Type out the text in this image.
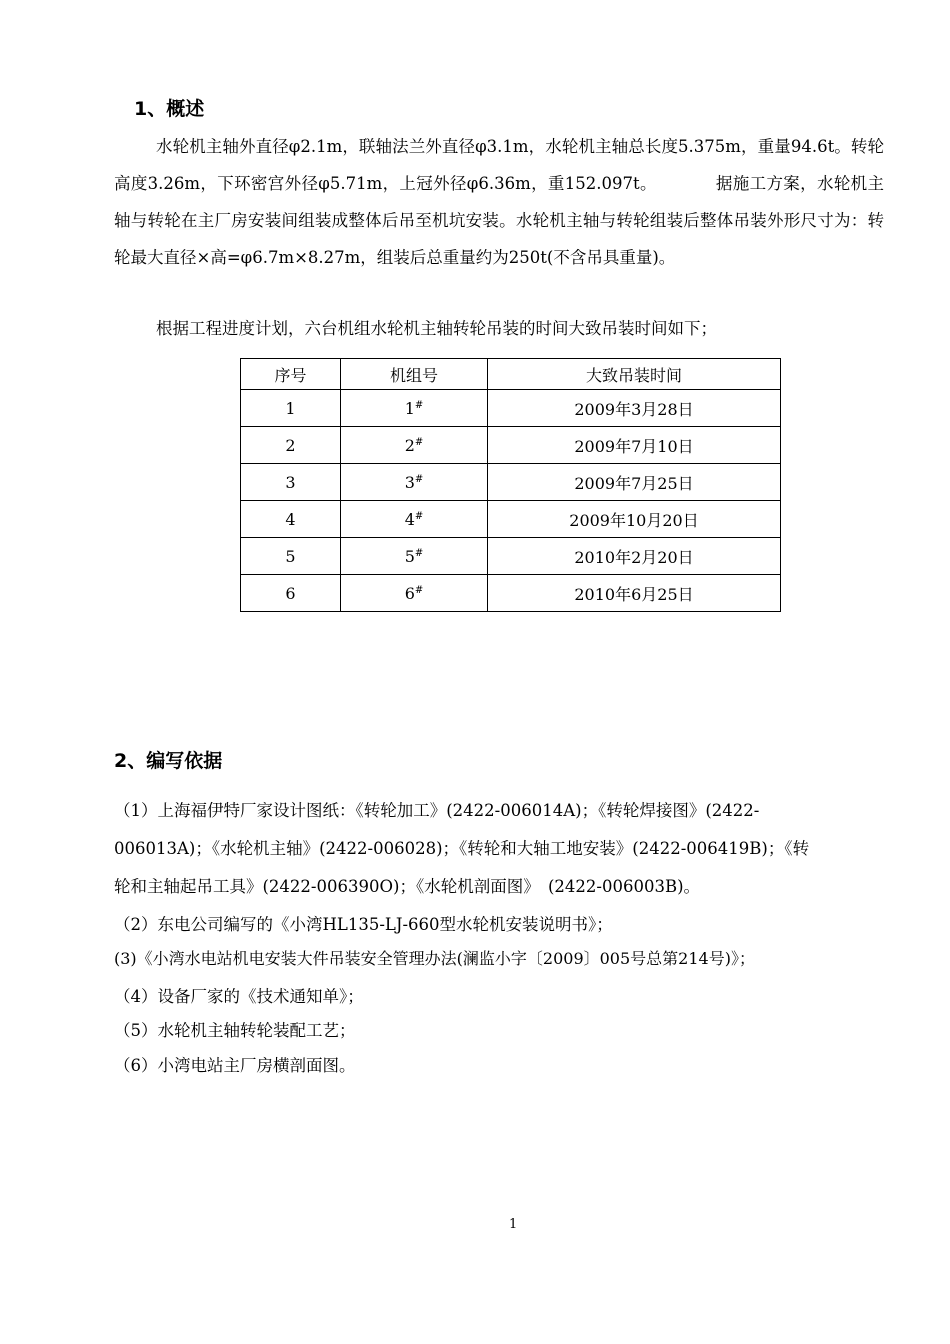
1、概述
水轮机主轴外直径φ2.1m，联轴法兰外直径φ3.1m，水轮机主轴总长度5.375m，重量94.6t。转轮高度3.26m，下环密宫外径φ5.71m，上冠外径φ6.36m，重152.097t。　　　　据施工方案，水轮机主轴与转轮在主厂房安装间组装成整体后吊至机坑安装。水轮机主轴与转轮组装后整体吊装外形尺寸为：转轮最大直径×高=φ6.7m×8.27m，组装后总重量约为250t(不含吊具重量)。
根据工程进度计划，六台机组水轮机主轴转轮吊装的时间大致吊装时间如下；
序号	机组号	大致吊装时间
1	1#	2009年3月28日
2	2#	2009年7月10日
3	3#	2009年7月25日
4	4#	2009年10月20日
5	5#	2010年2月20日
6	6#	2010年6月25日
2、编写依据
（1）上海福伊特厂家设计图纸：《转轮加工》(2422-006014A)；《转轮焊接图》(2422-
006013A)；《水轮机主轴》(2422-006028)；《转轮和大轴工地安装》(2422-006419B)；《转
轮和主轴起吊工具》(2422-006390O)；《水轮机剖面图》　(2422-006003B)。
（2）东电公司编写的《小湾HL135-LJ-660型水轮机安装说明书》；
(3)《小湾水电站机电安装大件吊装安全管理办法(澜监小字〔2009〕005号总第214号)》；
（4）设备厂家的《技术通知单》；
（5）水轮机主轴转轮装配工艺；
（6）小湾电站主厂房横剖面图。
1
